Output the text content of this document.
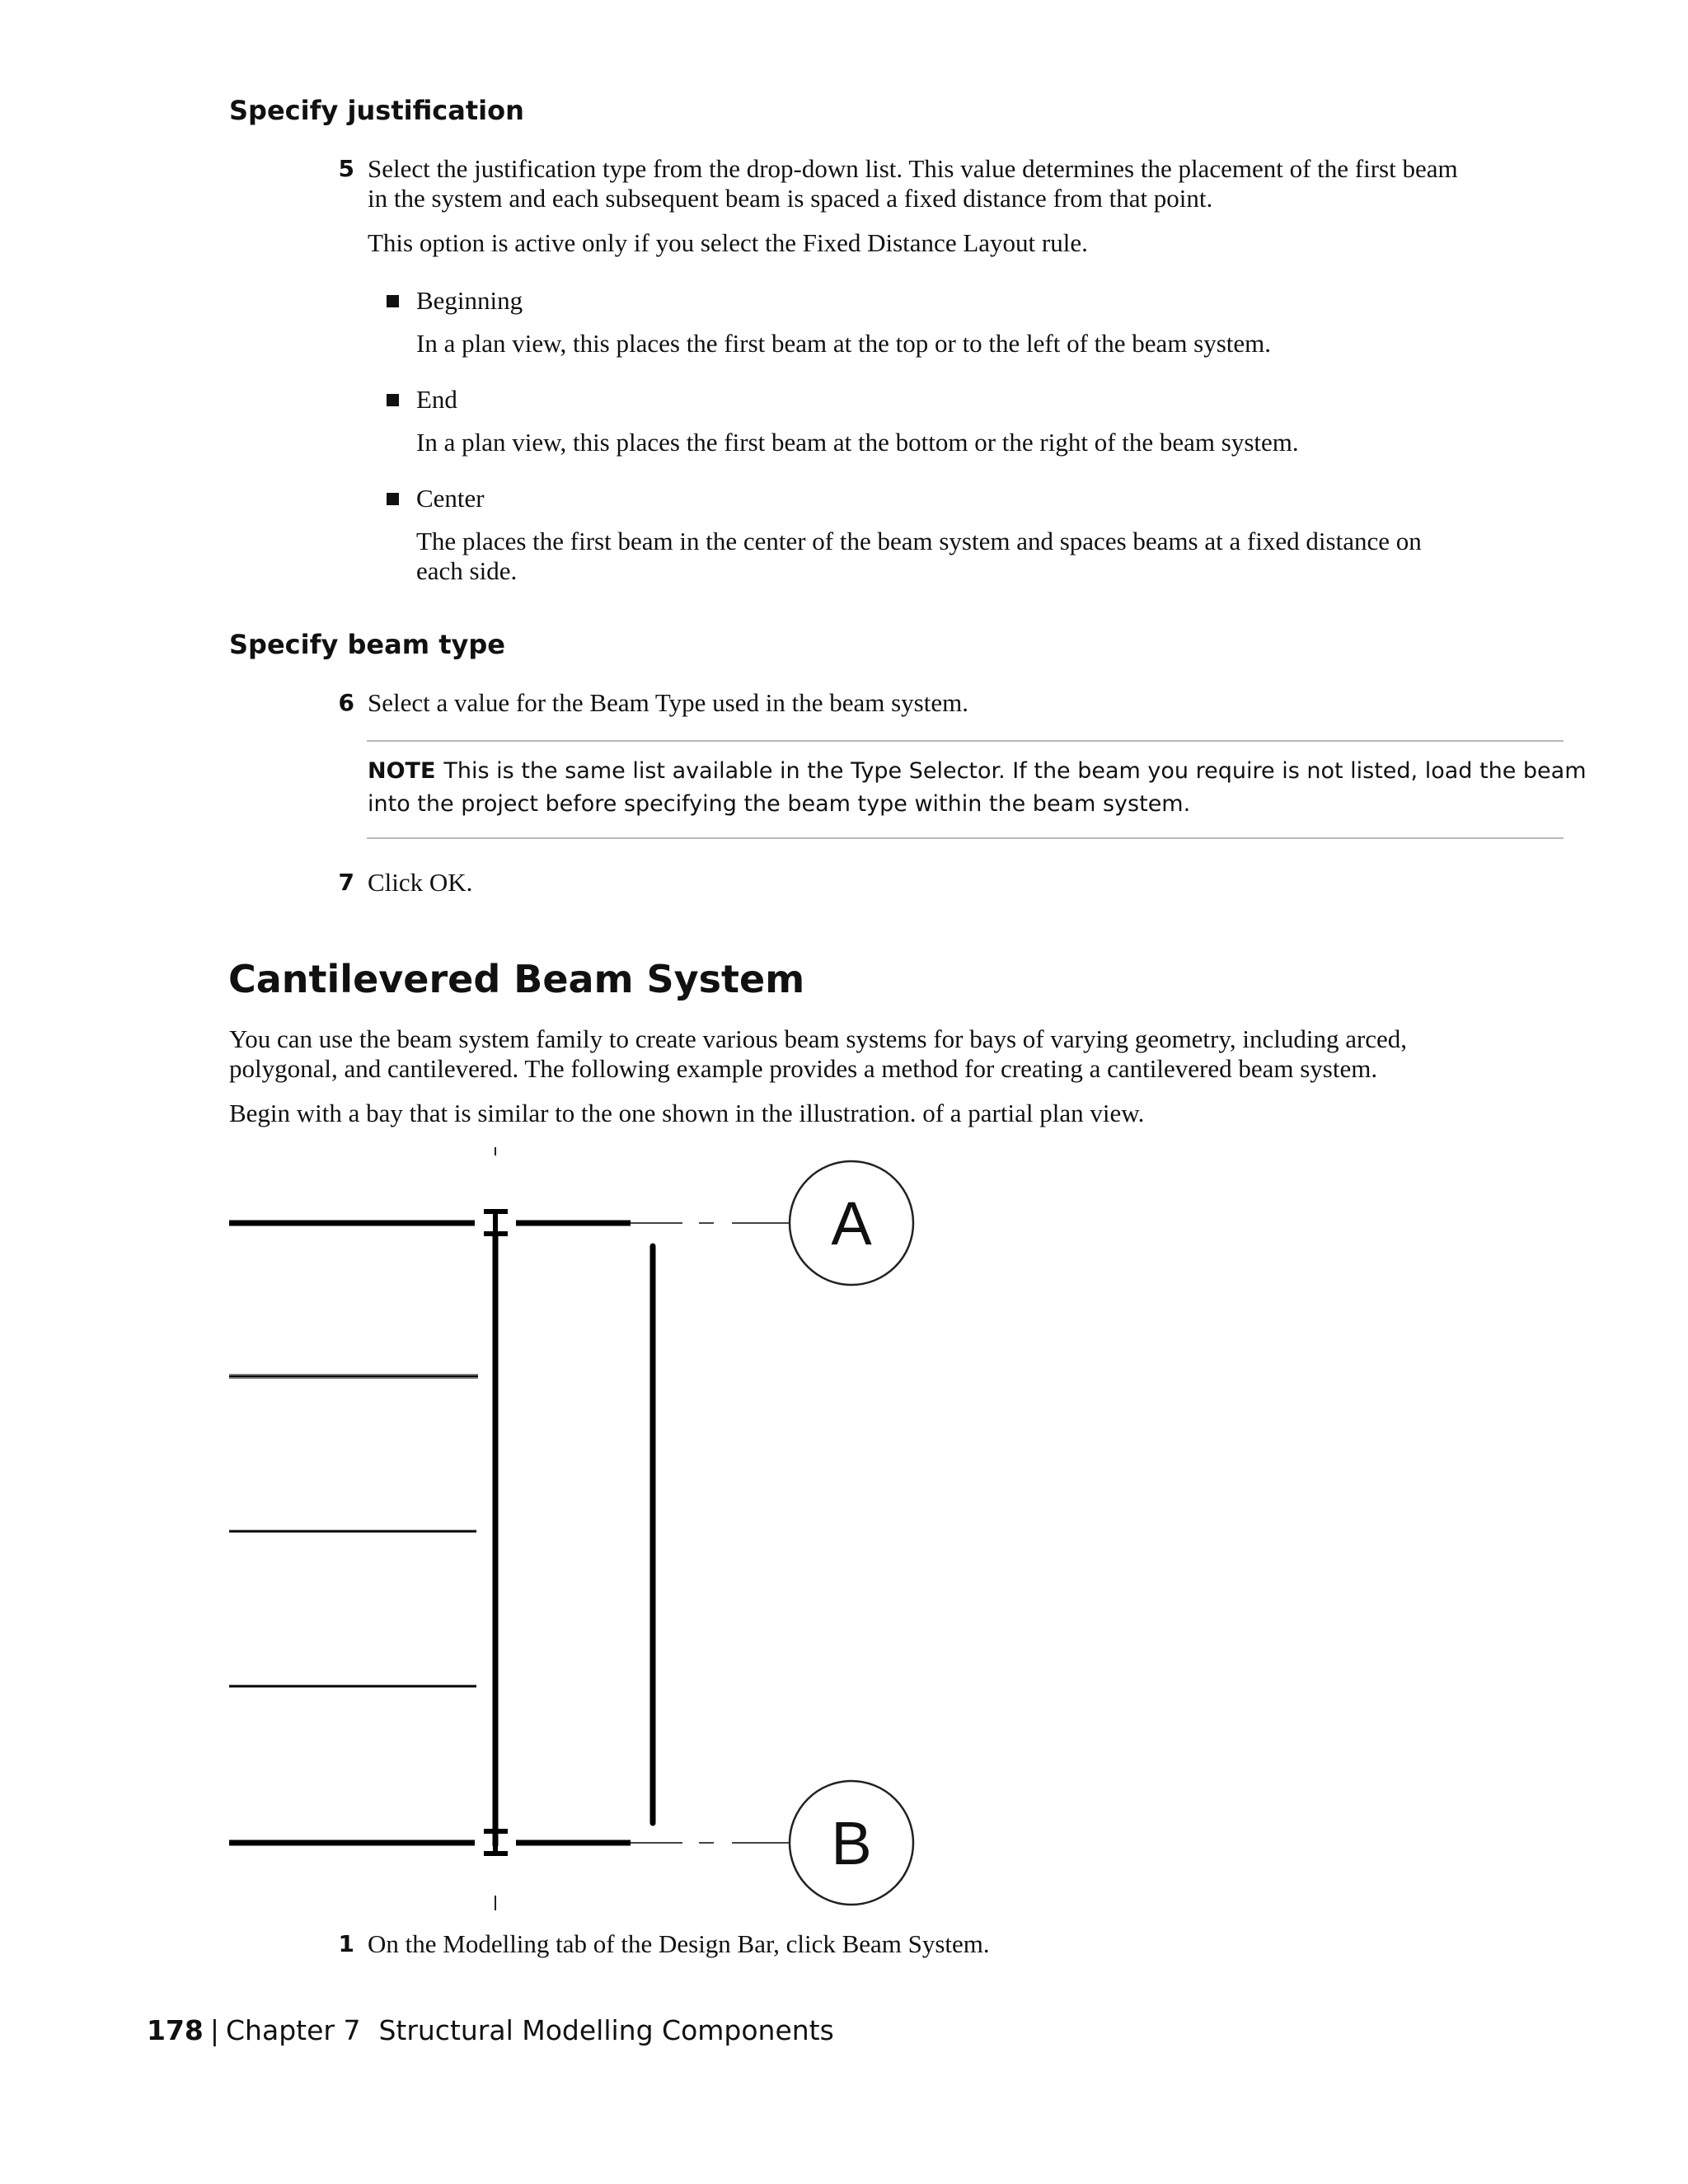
Specify justification
5 Select the justification type from the drop-down list. This value determines the placement of the first beam
in the system and each subsequent beam is spaced a fixed distance from that point.
This option is active only if you select the Fixed Distance Layout rule.
Beginning
In a plan view, this places the first beam at the top or to the left of the beam system.
End
In a plan view, this places the first beam at the bottom or the right of the beam system.
Center
The places the first beam in the center of the beam system and spaces beams at a fixed distance on
each side.
Specify beam type
6 Select a value for the Beam Type used in the beam system.
NOTE This is the same list available in the Type Selector. If the beam you require is not listed, load the beam
into the project before specifying the beam type within the beam system.
7 Click OK.
Cantilevered Beam System
You can use the beam system family to create various beam systems for bays of varying geometry, including arced,
polygonal, and cantilevered. The following example provides a method for creating a cantilevered beam system.
Begin with a bay that is similar to the one shown in the illustration. of a partial plan view.
A
B
1 On the Modelling tab of the Design Bar, click Beam System.
178 | Chapter 7 Structural Modelling Components
